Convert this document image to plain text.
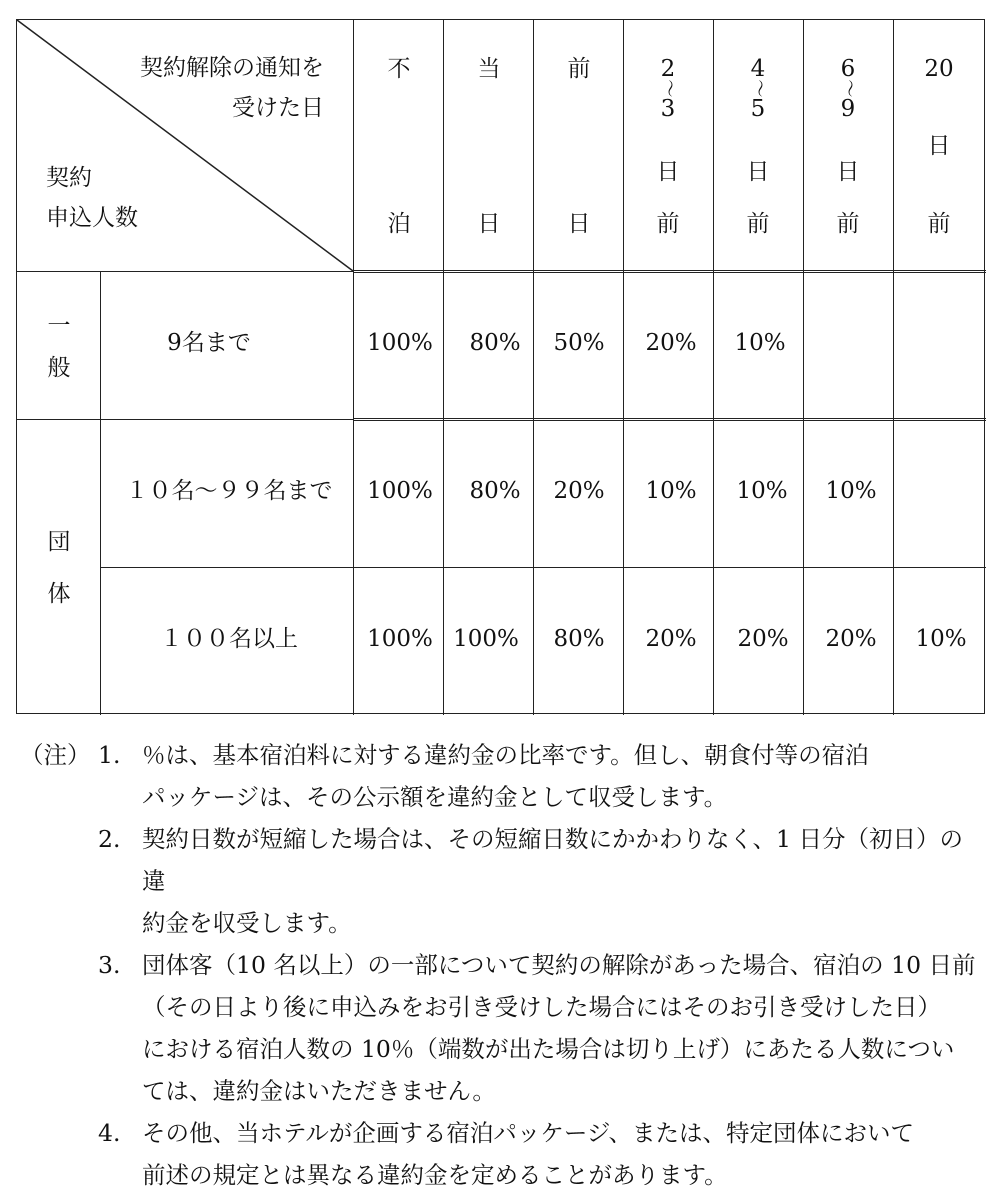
契約解除の通知を
受けた日
契約
申込人数
不
泊
当
日
前
日
2
～
3
日
前
4
～
5
日
前
6
～
9
日
前
20
日
前
一
般
団
体
9名まで
１０名～９９名まで
１００名以上
100% 80% 50% 20% 10%
100% 80% 20% 10% 10% 10%
100% 100% 80% 20% 20% 20% 10%
（注） 1. ％は、基本宿泊料に対する違約金の比率です。但し、朝食付等の宿泊
パッケージは、その公示額を違約金として収受します。
2. 契約日数が短縮した場合は、その短縮日数にかかわりなく、1 日分（初日）の違
約金を収受します。
3. 団体客（10 名以上）の一部について契約の解除があった場合、宿泊の 10 日前
（その日より後に申込みをお引き受けした場合にはそのお引き受けした日）
における宿泊人数の 10％（端数が出た場合は切り上げ）にあたる人数につい
ては、違約金はいただきません。
4. その他、当ホテルが企画する宿泊パッケージ、または、特定団体において
前述の規定とは異なる違約金を定めることがあります。
